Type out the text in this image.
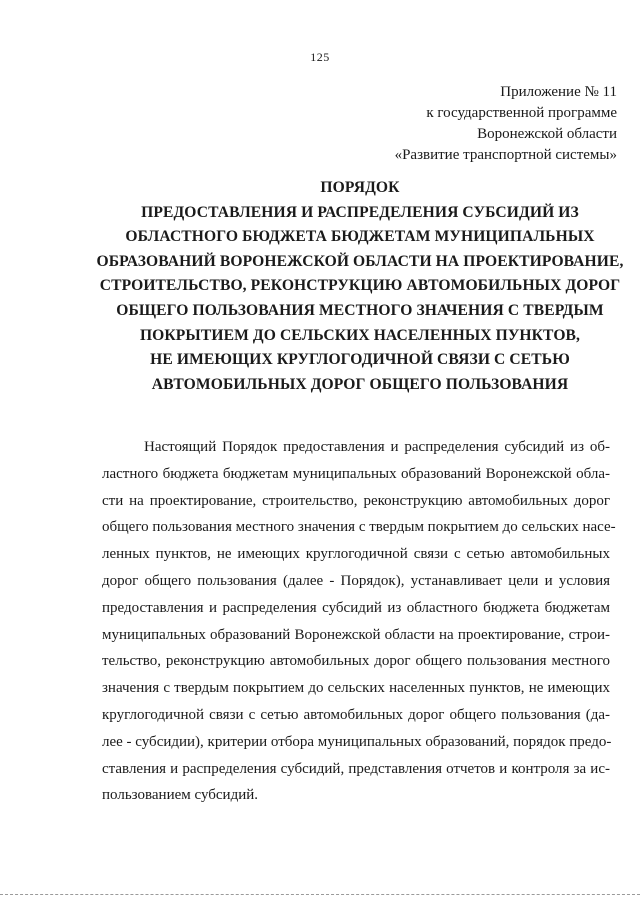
125
Приложение № 11
к государственной программе
Воронежской области
«Развитие транспортной системы»
ПОРЯДОК
ПРЕДОСТАВЛЕНИЯ И РАСПРЕДЕЛЕНИЯ СУБСИДИЙ ИЗ
ОБЛАСТНОГО БЮДЖЕТА БЮДЖЕТАМ МУНИЦИПАЛЬНЫХ
ОБРАЗОВАНИЙ ВОРОНЕЖСКОЙ ОБЛАСТИ НА ПРОЕКТИРОВАНИЕ,
СТРОИТЕЛЬСТВО, РЕКОНСТРУКЦИЮ АВТОМОБИЛЬНЫХ ДОРОГ
ОБЩЕГО ПОЛЬЗОВАНИЯ МЕСТНОГО ЗНАЧЕНИЯ С ТВЕРДЫМ
ПОКРЫТИЕМ ДО СЕЛЬСКИХ НАСЕЛЕННЫХ ПУНКТОВ,
НЕ ИМЕЮЩИХ КРУГЛОГОДИЧНОЙ СВЯЗИ С СЕТЬЮ
АВТОМОБИЛЬНЫХ ДОРОГ ОБЩЕГО ПОЛЬЗОВАНИЯ
Настоящий Порядок предоставления и распределения субсидий из об-
ластного бюджета бюджетам муниципальных образований Воронежской обла-
сти на проектирование, строительство, реконструкцию автомобильных дорог
общего пользования местного значения с твердым покрытием до сельских насе-
ленных пунктов, не имеющих круглогодичной связи с сетью автомобильных
дорог общего пользования (далее - Порядок), устанавливает цели и условия
предоставления и распределения субсидий из областного бюджета бюджетам
муниципальных образований Воронежской области на проектирование, строи-
тельство, реконструкцию автомобильных дорог общего пользования местного
значения с твердым покрытием до сельских населенных пунктов, не имеющих
круглогодичной связи с сетью автомобильных дорог общего пользования (да-
лее - субсидии), критерии отбора муниципальных образований, порядок предо-
ставления и распределения субсидий, представления отчетов и контроля за ис-
пользованием субсидий.
